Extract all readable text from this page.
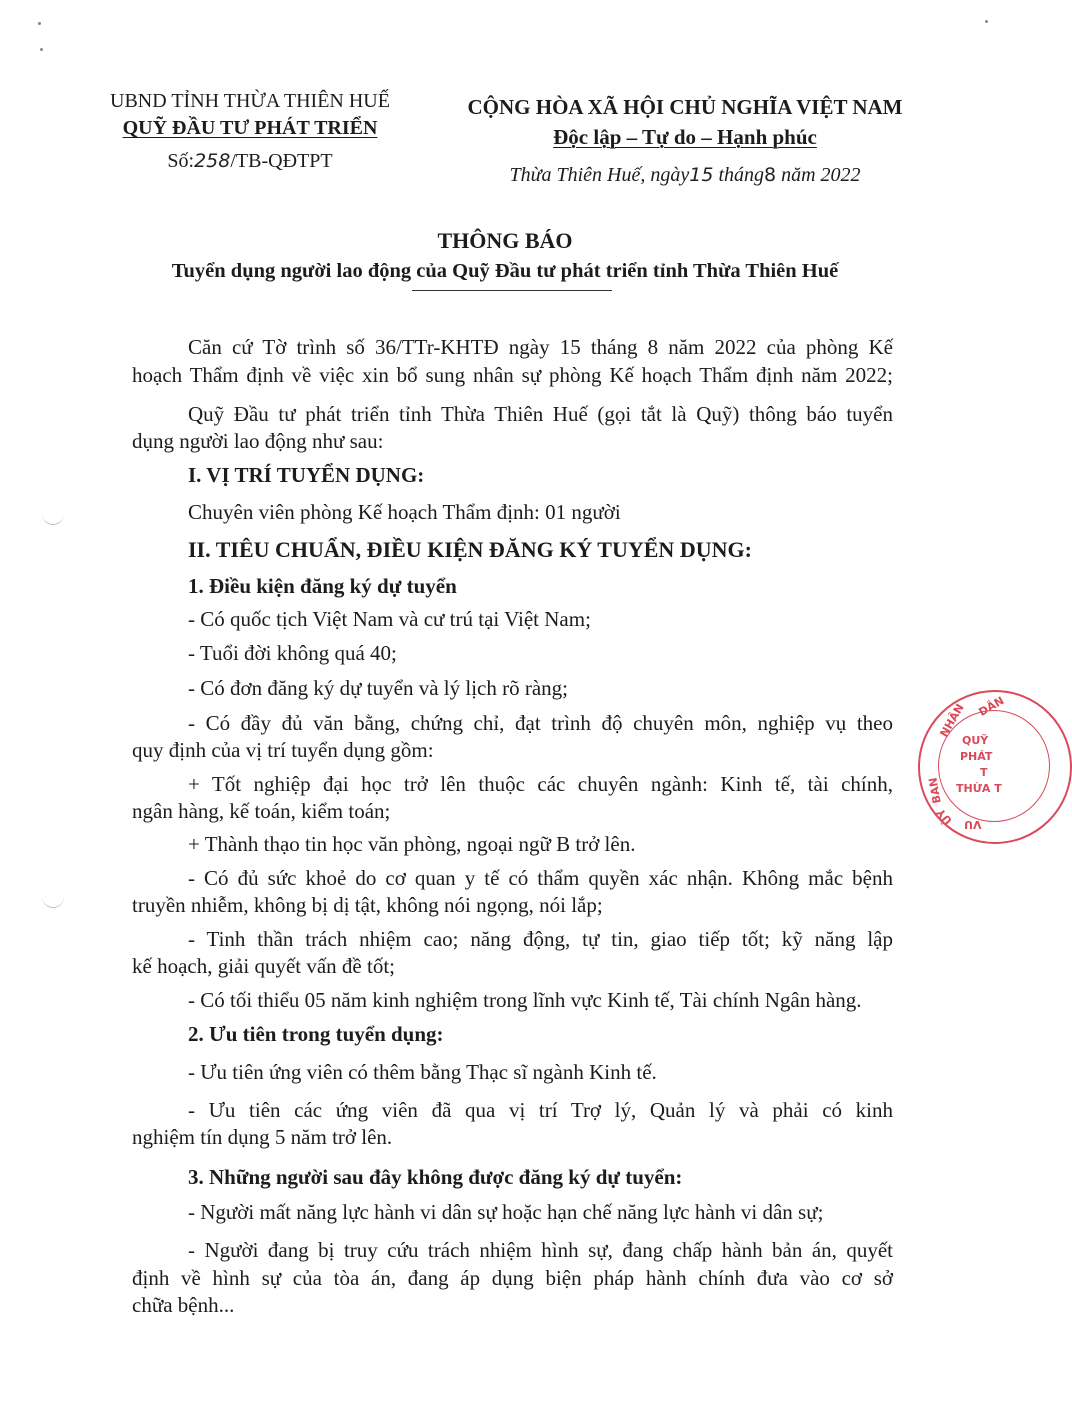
UBND TỈNH THỪA THIÊN HUẾ
QUỸ ĐẦU TƯ PHÁT TRIỂN
Số:258/TB-QĐTPT
CỘNG HÒA XÃ HỘI CHỦ NGHĨA VIỆT NAM
Độc lập – Tự do – Hạnh phúc
Thừa Thiên Huế, ngày15 tháng8 năm 2022
THÔNG BÁO
Tuyển dụng người lao động của Quỹ Đầu tư phát triển tỉnh Thừa Thiên Huế
Căn cứ Tờ trình số 36/TTr-KHTĐ ngày 15 tháng 8 năm 2022 của phòng Kế
hoạch Thẩm định về việc xin bổ sung nhân sự phòng Kế hoạch Thẩm định năm 2022;
Quỹ Đầu tư phát triển tỉnh Thừa Thiên Huế (gọi tắt là Quỹ) thông báo tuyển
dụng người lao động như sau:
I. VỊ TRÍ TUYỂN DỤNG:
Chuyên viên phòng Kế hoạch Thẩm định: 01 người
II. TIÊU CHUẨN, ĐIỀU KIỆN ĐĂNG KÝ TUYỂN DỤNG:
1. Điều kiện đăng ký dự tuyển
- Có quốc tịch Việt Nam và cư trú tại Việt Nam;
- Tuổi đời không quá 40;
- Có đơn đăng ký dự tuyển và lý lịch rõ ràng;
- Có đầy đủ văn bằng, chứng chỉ, đạt trình độ chuyên môn, nghiệp vụ theo
quy định của vị trí tuyển dụng gồm:
+ Tốt nghiệp đại học trở lên thuộc các chuyên ngành: Kinh tế, tài chính,
ngân hàng, kế toán, kiểm toán;
+ Thành thạo tin học văn phòng, ngoại ngữ B trở lên.
- Có đủ sức khoẻ do cơ quan y tế có thẩm quyền xác nhận. Không mắc bệnh
truyền nhiễm, không bị dị tật, không nói ngọng, nói lắp;
- Tinh thần trách nhiệm cao; năng động, tự tin, giao tiếp tốt; kỹ năng lập
kế hoạch, giải quyết vấn đề tốt;
- Có tối thiểu 05 năm kinh nghiệm trong lĩnh vực Kinh tế, Tài chính Ngân hàng.
2. Ưu tiên trong tuyển dụng:
- Ưu tiên ứng viên có thêm bằng Thạc sĩ ngành Kinh tế.
- Ưu tiên các ứng viên đã qua vị trí Trợ lý, Quản lý và phải có kinh
nghiệm tín dụng 5 năm trở lên.
3. Những người sau đây không được đăng ký dự tuyển:
- Người mất năng lực hành vi dân sự hoặc hạn chế năng lực hành vi dân sự;
- Người đang bị truy cứu trách nhiệm hình sự, đang chấp hành bản án, quyết
định về hình sự của tòa án, đang áp dụng biện pháp hành chính đưa vào cơ sở
chữa bệnh...
DÂN
QUỸ
PHÁT
T
THỪA T
NHÂN
BAN
ỦY VU
